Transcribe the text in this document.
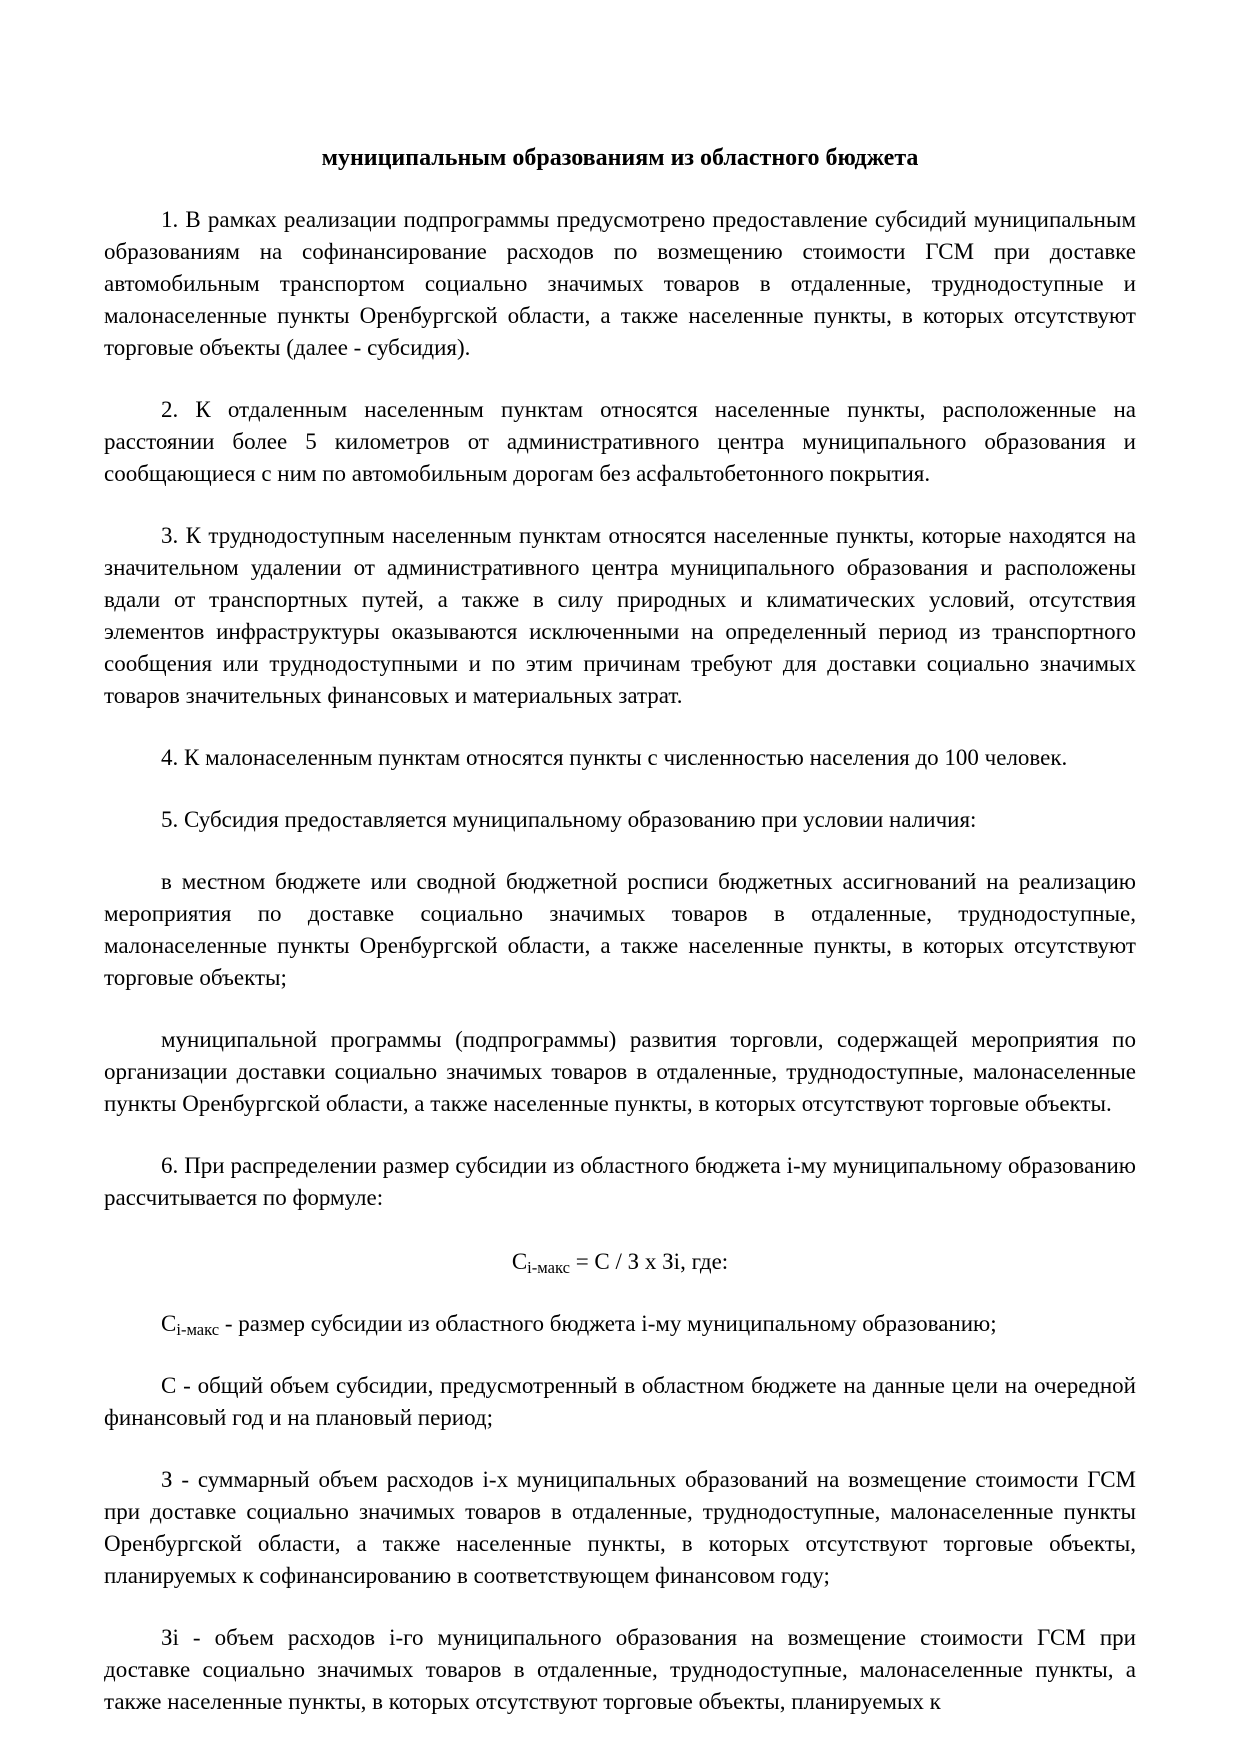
муниципальным образованиям из областного бюджета

1. В рамках реализации подпрограммы предусмотрено предоставление субсидий муниципальным образованиям на софинансирование расходов по возмещению стоимости ГСМ при доставке автомобильным транспортом социально значимых товаров в отдаленные, труднодоступные и малонаселенные пункты Оренбургской области, а также населенные пункты, в которых отсутствуют торговые объекты (далее - субсидия).

2. К отдаленным населенным пунктам относятся населенные пункты, расположенные на расстоянии более 5 километров от административного центра муниципального образования и сообщающиеся с ним по автомобильным дорогам без асфальтобетонного покрытия.

3. К труднодоступным населенным пунктам относятся населенные пункты, которые находятся на значительном удалении от административного центра муниципального образования и расположены вдали от транспортных путей, а также в силу природных и климатических условий, отсутствия элементов инфраструктуры оказываются исключенными на определенный период из транспортного сообщения или труднодоступными и по этим причинам требуют для доставки социально значимых товаров значительных финансовых и материальных затрат.

4. К малонаселенным пунктам относятся пункты с численностью населения до 100 человек.

5. Субсидия предоставляется муниципальному образованию при условии наличия:

в местном бюджете или сводной бюджетной росписи бюджетных ассигнований на реализацию мероприятия по доставке социально значимых товаров в отдаленные, труднодоступные, малонаселенные пункты Оренбургской области, а также населенные пункты, в которых отсутствуют торговые объекты;

муниципальной программы (подпрограммы) развития торговли, содержащей мероприятия по организации доставки социально значимых товаров в отдаленные, труднодоступные, малонаселенные пункты Оренбургской области, а также населенные пункты, в которых отсутствуют торговые объекты.

6. При распределении размер субсидии из областного бюджета i-му муниципальному образованию рассчитывается по формуле:

$С_{i-макс} = С / З$ х Зi, где:

$С_{i-макс}$ - размер субсидии из областного бюджета i-му муниципальному образованию;

С - общий объем субсидии, предусмотренный в областном бюджете на данные цели на очередной финансовый год и на плановый период;

З - суммарный объем расходов i-х муниципальных образований на возмещение стоимости ГСМ при доставке социально значимых товаров в отдаленные, труднодоступные, малонаселенные пункты Оренбургской области, а также населенные пункты, в которых отсутствуют торговые объекты, планируемых к софинансированию в соответствующем финансовом году;

Зi - объем расходов i-го муниципального образования на возмещение стоимости ГСМ при доставке социально значимых товаров в отдаленные, труднодоступные, малонаселенные пункты, а также населенные пункты, в которых отсутствуют торговые объекты, планируемых к
